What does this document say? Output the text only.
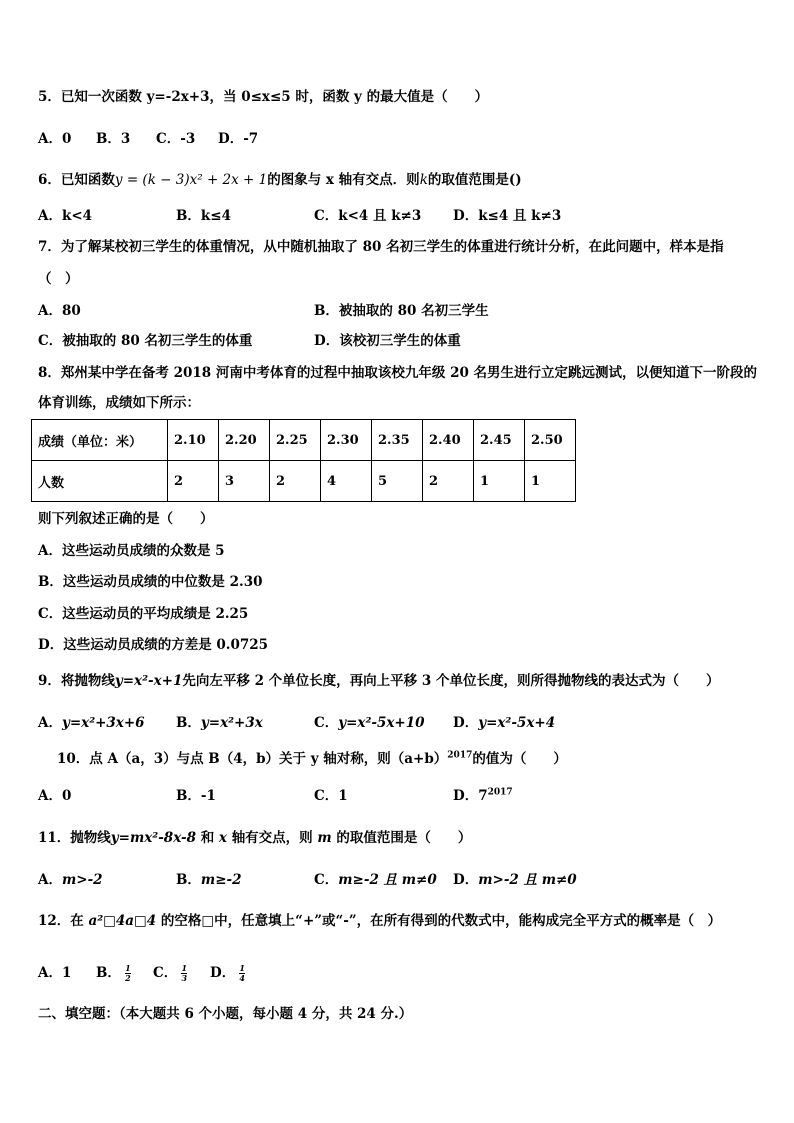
5．已知一次函数 y=-2x+3，当 0≤x≤5 时，函数 y 的最大值是（　　）
A．0 B．3 C．-3 D．-7
6．已知函数y = (k − 3)x² + 2x + 1的图象与 x 轴有交点．则k的取值范围是()
A．k<4	B．k≤4	C．k<4 且 k≠3 D．k≤4 且 k≠3
7．为了解某校初三学生的体重情况，从中随机抽取了 80 名初三学生的体重进行统计分析，在此问题中，样本是指
（　）
A．80	B．被抽取的 80 名初三学生
C．被抽取的 80 名初三学生的体重	D．该校初三学生的体重
8．郑州某中学在备考 2018 河南中考体育的过程中抽取该校九年级 20 名男生进行立定跳远测试，以便知道下一阶段的
体育训练，成绩如下所示：
成绩（单位：米）	2.10	2.20	2.25	2.30	2.35	2.40	2.45	2.50
人数	2	3	2	4	5	2	1	1
则下列叙述正确的是（　　）
A．这些运动员成绩的众数是 5
B．这些运动员成绩的中位数是 2.30
C．这些运动员的平均成绩是 2.25
D．这些运动员成绩的方差是 0.0725
9．将抛物线y=x²-x+1先向左平移 2 个单位长度，再向上平移 3 个单位长度，则所得抛物线的表达式为（　　）
A．y=x²+3x+6 B．y=x²+3x	C．y=x²-5x+10 D．y=x²-5x+4
10．点 A（a，3）与点 B（4，b）关于 y 轴对称，则$(a+b)^{2017}$的值为（　　）
A．0	B．-1	C．1	D．$7^{2017}$
11．抛物线y=mx²-8x-8 和 x 轴有交点，则 m 的取值范围是（　　）
A．m>-2	B．m≥-2	C．m≥-2 且 m≠0 D．m>-2 且 m≠0
12．在 a²□4a□4 的空格□中，任意填上“+”或“-”，在所有得到的代数式中，能构成完全平方式的概率是（　）
A．1 B． $\frac{1}{2}$ C． $\frac{1}{3}$ D． $\frac{1}{4}$
二、填空题：（本大题共 6 个小题，每小题 4 分，共 24 分.）
